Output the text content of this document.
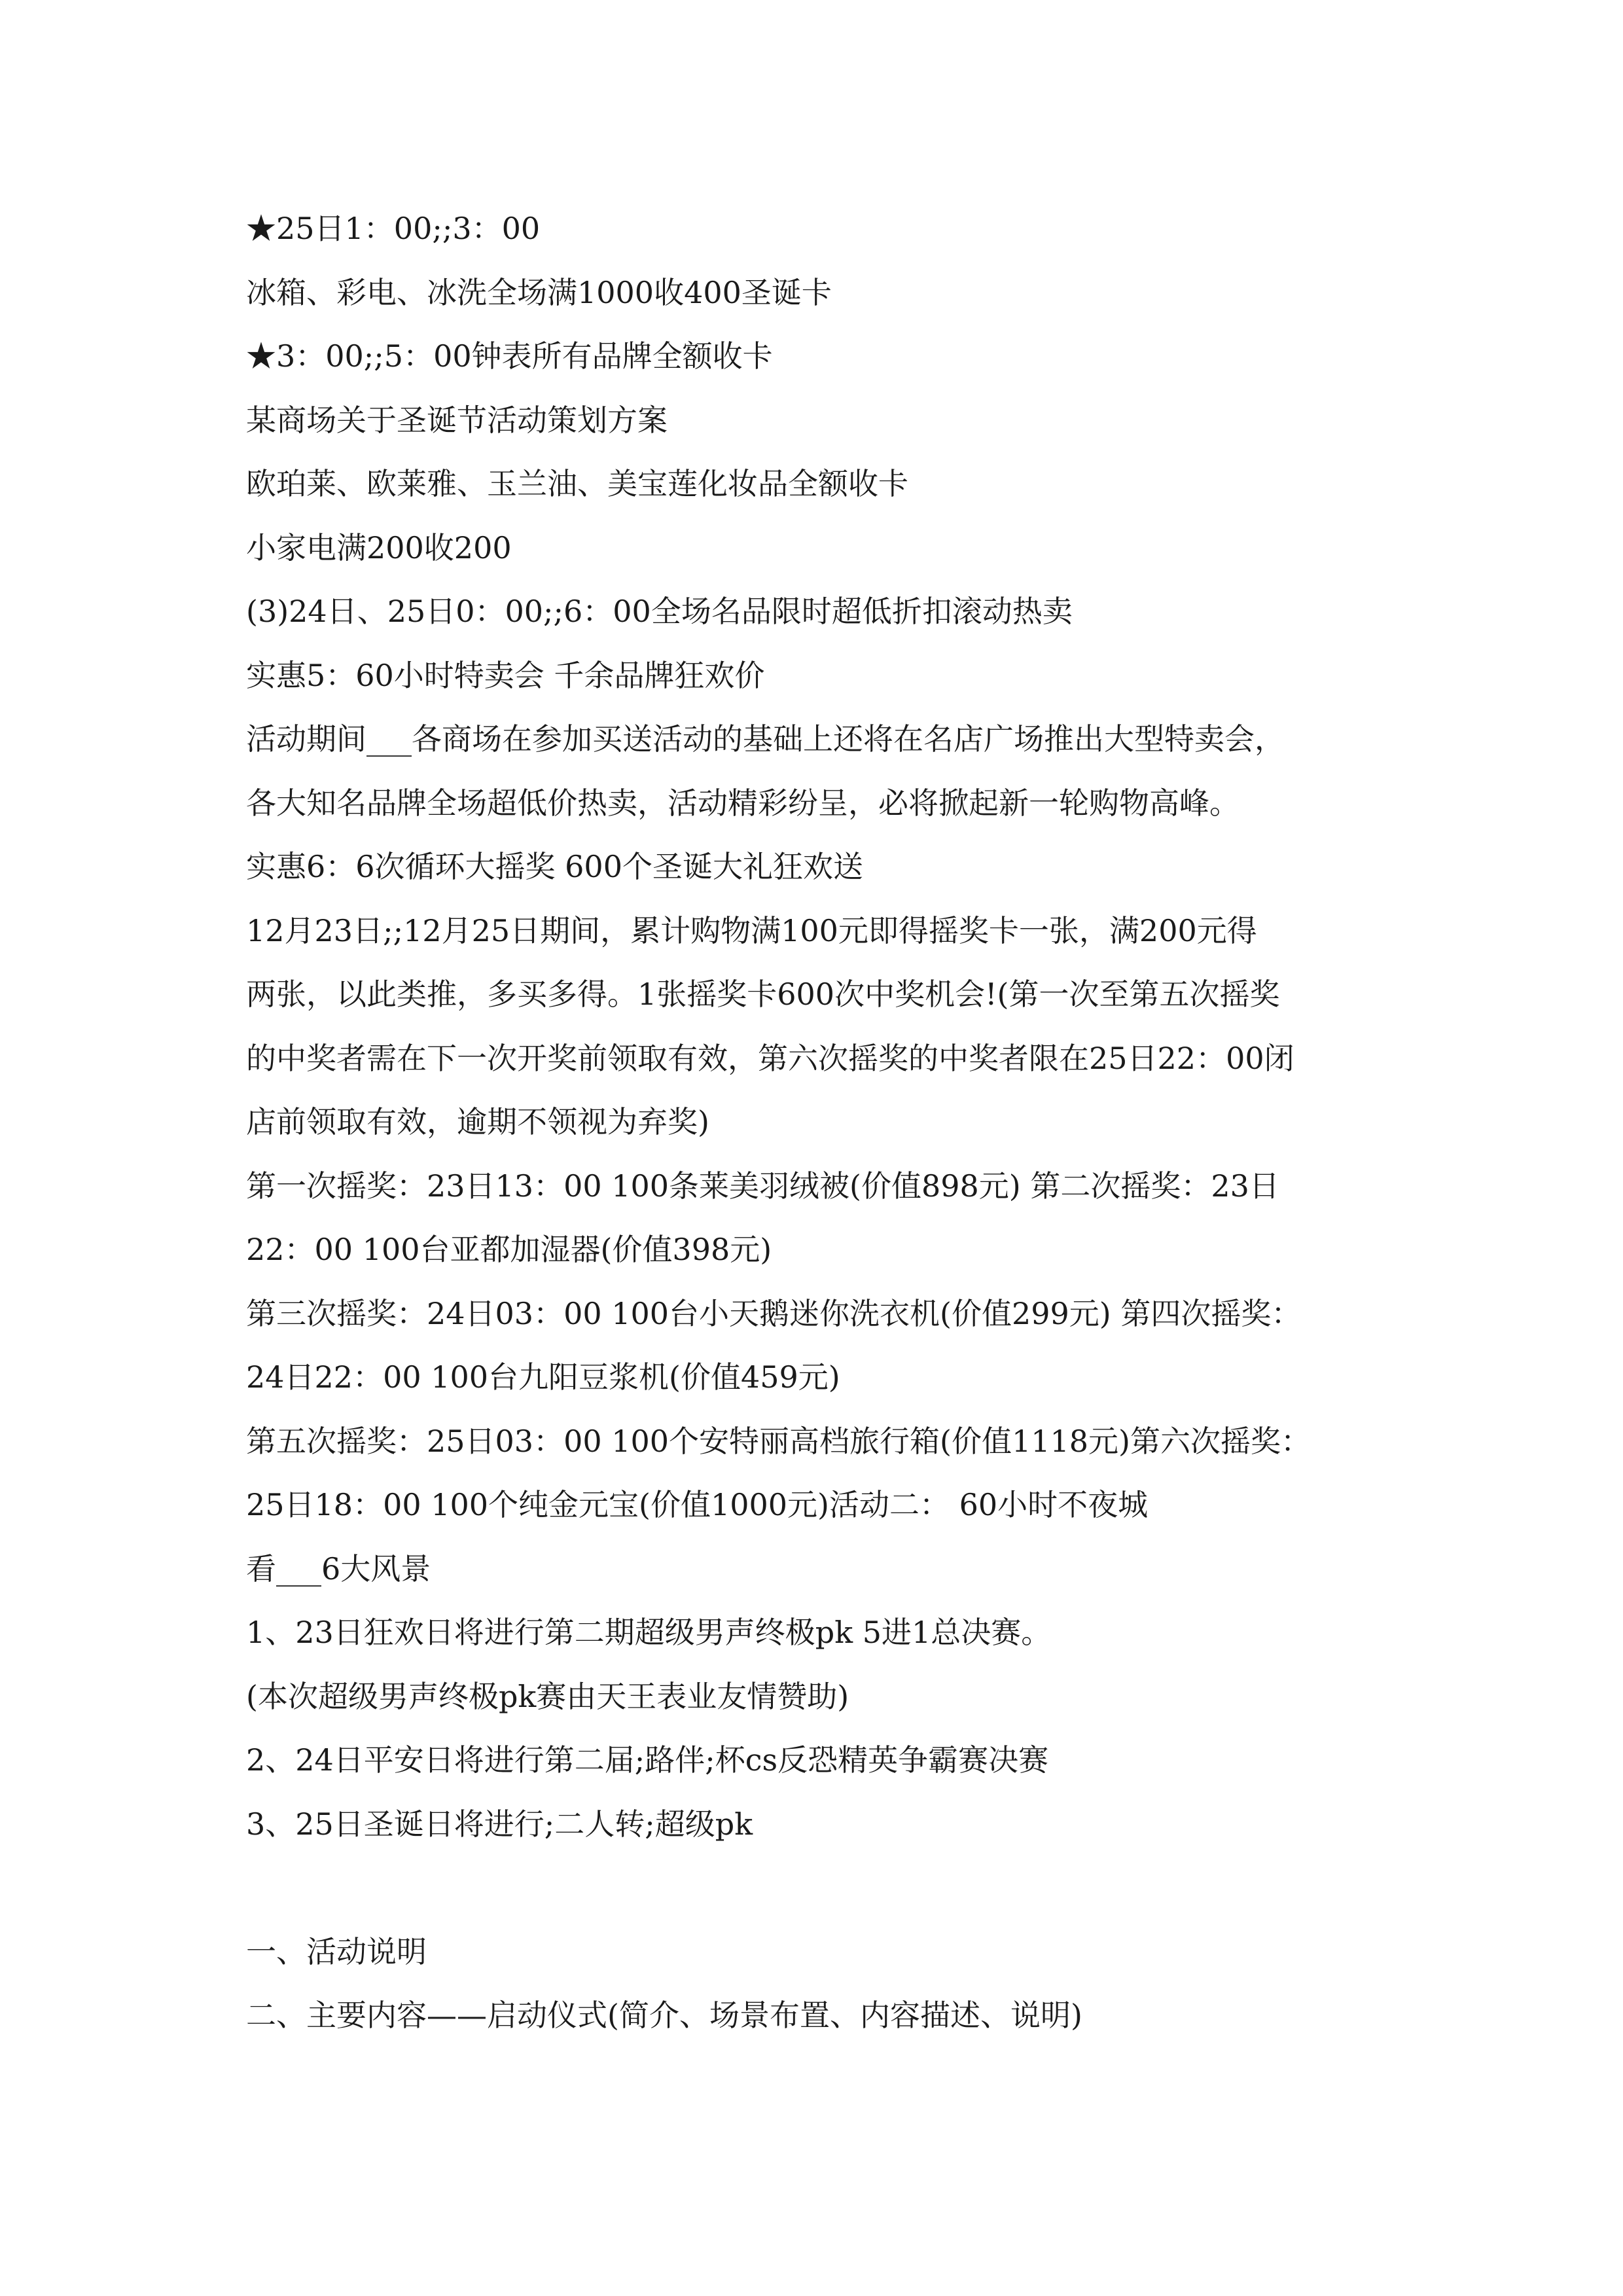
★25日1：00;;3：00
冰箱、彩电、冰洗全场满1000收400圣诞卡
★3：00;;5：00钟表所有品牌全额收卡
某商场关于圣诞节活动策划方案
欧珀莱、欧莱雅、玉兰油、美宝莲化妆品全额收卡
小家电满200收200
(3)24日、25日0：00;;6：00全场名品限时超低折扣滚动热卖
实惠5：60小时特卖会 千余品牌狂欢价
活动期间___各商场在参加买送活动的基础上还将在名店广场推出大型特卖会，
各大知名品牌全场超低价热卖，活动精彩纷呈，必将掀起新一轮购物高峰。
实惠6：6次循环大摇奖 600个圣诞大礼狂欢送
12月23日;;12月25日期间，累计购物满100元即得摇奖卡一张，满200元得
两张，以此类推，多买多得。1张摇奖卡600次中奖机会!(第一次至第五次摇奖
的中奖者需在下一次开奖前领取有效，第六次摇奖的中奖者限在25日22：00闭
店前领取有效，逾期不领视为弃奖)
第一次摇奖：23日13：00 100条莱美羽绒被(价值898元) 第二次摇奖：23日
22：00 100台亚都加湿器(价值398元)
第三次摇奖：24日03：00 100台小天鹅迷你洗衣机(价值299元) 第四次摇奖：
24日22：00 100台九阳豆浆机(价值459元)
第五次摇奖：25日03：00 100个安特丽高档旅行箱(价值1118元)第六次摇奖：
25日18：00 100个纯金元宝(价值1000元)活动二： 60小时不夜城
看___6大风景
1、23日狂欢日将进行第二期超级男声终极pk 5进1总决赛。
(本次超级男声终极pk赛由天王表业友情赞助)
2、24日平安日将进行第二届;路伴;杯cs反恐精英争霸赛决赛
3、25日圣诞日将进行;二人转;超级pk
一、活动说明
二、主要内容——启动仪式(简介、场景布置、内容描述、说明)
